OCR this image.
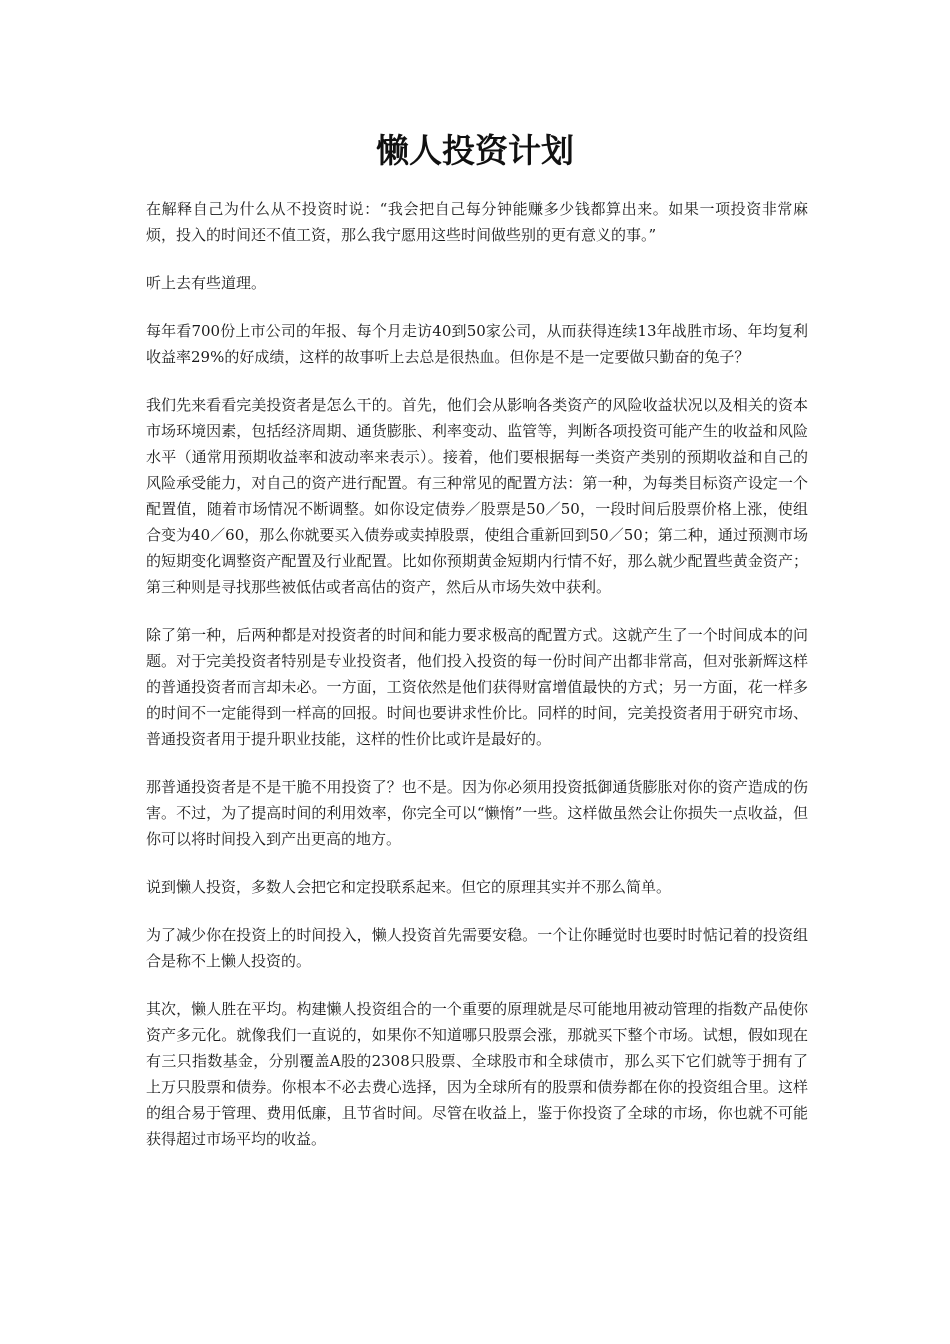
懒人投资计划

在解释自己为什么从不投资时说：“我会把自己每分钟能赚多少钱都算出来。如果一项投资非常麻烦，投入的时间还不值工资，那么我宁愿用这些时间做些别的更有意义的事。”

听上去有些道理。

每年看700份上市公司的年报、每个月走访40到50家公司，从而获得连续13年战胜市场、年均复利收益率29%的好成绩，这样的故事听上去总是很热血。但你是不是一定要做只勤奋的兔子？

我们先来看看完美投资者是怎么干的。首先，他们会从影响各类资产的风险收益状况以及相关的资本市场环境因素，包括经济周期、通货膨胀、利率变动、监管等，判断各项投资可能产生的收益和风险水平（通常用预期收益率和波动率来表示）。接着，他们要根据每一类资产类别的预期收益和自己的风险承受能力，对自己的资产进行配置。有三种常见的配置方法：第一种，为每类目标资产设定一个配置值，随着市场情况不断调整。如你设定债券／股票是50／50，一段时间后股票价格上涨，使组合变为40／60，那么你就要买入债券或卖掉股票，使组合重新回到50／50；第二种，通过预测市场的短期变化调整资产配置及行业配置。比如你预期黄金短期内行情不好，那么就少配置些黄金资产；第三种则是寻找那些被低估或者高估的资产，然后从市场失效中获利。

除了第一种，后两种都是对投资者的时间和能力要求极高的配置方式。这就产生了一个时间成本的问题。对于完美投资者特别是专业投资者，他们投入投资的每一份时间产出都非常高，但对张新辉这样的普通投资者而言却未必。一方面，工资依然是他们获得财富增值最快的方式；另一方面，花一样多的时间不一定能得到一样高的回报。时间也要讲求性价比。同样的时间，完美投资者用于研究市场、普通投资者用于提升职业技能，这样的性价比或许是最好的。

那普通投资者是不是干脆不用投资了？也不是。因为你必须用投资抵御通货膨胀对你的资产造成的伤害。不过，为了提高时间的利用效率，你完全可以“懒惰”一些。这样做虽然会让你损失一点收益，但你可以将时间投入到产出更高的地方。

说到懒人投资，多数人会把它和定投联系起来。但它的原理其实并不那么简单。

为了减少你在投资上的时间投入，懒人投资首先需要安稳。一个让你睡觉时也要时时惦记着的投资组合是称不上懒人投资的。

其次，懒人胜在平均。构建懒人投资组合的一个重要的原理就是尽可能地用被动管理的指数产品使你资产多元化。就像我们一直说的，如果你不知道哪只股票会涨，那就买下整个市场。试想，假如现在有三只指数基金，分别覆盖A股的2308只股票、全球股市和全球债市，那么买下它们就等于拥有了上万只股票和债券。你根本不必去费心选择，因为全球所有的股票和债券都在你的投资组合里。这样的组合易于管理、费用低廉，且节省时间。尽管在收益上，鉴于你投资了全球的市场，你也就不可能获得超过市场平均的收益。
